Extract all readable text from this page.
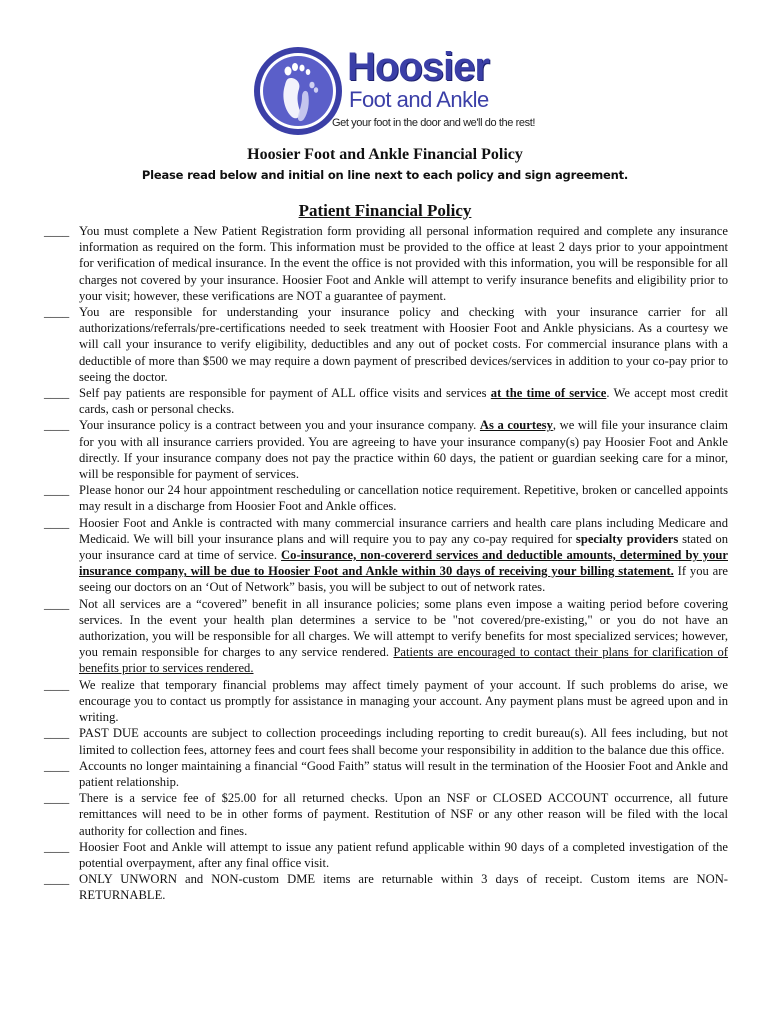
Hoosier
Foot and Ankle
Get your foot in the door and we'll do the rest!
Hoosier Foot and Ankle Financial Policy
Please read below and initial on line next to each policy and sign agreement.
Patient Financial Policy
____ You must complete a New Patient Registration form providing all personal information required and complete any insurance information as required on the form. This information must be provided to the office at least 2 days prior to your appointment for verification of medical insurance. In the event the office is not provided with this information, you will be responsible for all charges not covered by your insurance. Hoosier Foot and Ankle will attempt to verify insurance benefits and eligibility prior to your visit; however, these verifications are NOT a guarantee of payment.
____ You are responsible for understanding your insurance policy and checking with your insurance carrier for all authorizations/referrals/pre-certifications needed to seek treatment with Hoosier Foot and Ankle physicians. As a courtesy we will call your insurance to verify eligibility, deductibles and any out of pocket costs. For commercial insurance plans with a deductible of more than $500 we may require a down payment of prescribed devices/services in addition to your co-pay prior to seeing the doctor.
____ Self pay patients are responsible for payment of ALL office visits and services at the time of service. We accept most credit cards, cash or personal checks.
____ Your insurance policy is a contract between you and your insurance company. As a courtesy, we will file your insurance claim for you with all insurance carriers provided. You are agreeing to have your insurance company(s) pay Hoosier Foot and Ankle directly. If your insurance company does not pay the practice within 60 days, the patient or guardian seeking care for a minor, will be responsible for payment of services.
____ Please honor our 24 hour appointment rescheduling or cancellation notice requirement. Repetitive, broken or cancelled appoints may result in a discharge from Hoosier Foot and Ankle offices.
____ Hoosier Foot and Ankle is contracted with many commercial insurance carriers and health care plans including Medicare and Medicaid. We will bill your insurance plans and will require you to pay any co-pay required for specialty providers stated on your insurance card at time of service. Co-insurance, non-covererd services and deductible amounts, determined by your insurance company, will be due to Hoosier Foot and Ankle within 30 days of receiving your billing statement. If you are seeing our doctors on an ‘Out of Network” basis, you will be subject to out of network rates.
____ Not all services are a “covered” benefit in all insurance policies; some plans even impose a waiting period before covering services. In the event your health plan determines a service to be "not covered/pre-existing," or you do not have an authorization, you will be responsible for all charges. We will attempt to verify benefits for most specialized services; however, you remain responsible for charges to any service rendered. Patients are encouraged to contact their plans for clarification of benefits prior to services rendered.
____ We realize that temporary financial problems may affect timely payment of your account. If such problems do arise, we encourage you to contact us promptly for assistance in managing your account. Any payment plans must be agreed upon and in writing.
____ PAST DUE accounts are subject to collection proceedings including reporting to credit bureau(s). All fees including, but not limited to collection fees, attorney fees and court fees shall become your responsibility in addition to the balance due this office.
____ Accounts no longer maintaining a financial “Good Faith” status will result in the termination of the Hoosier Foot and Ankle and patient relationship.
____ There is a service fee of $25.00 for all returned checks. Upon an NSF or CLOSED ACCOUNT occurrence, all future remittances will need to be in other forms of payment. Restitution of NSF or any other reason will be filed with the local authority for collection and fines.
____ Hoosier Foot and Ankle will attempt to issue any patient refund applicable within 90 days of a completed investigation of the potential overpayment, after any final office visit.
____ ONLY UNWORN and NON-custom DME items are returnable within 3 days of receipt. Custom items are NON-RETURNABLE.
